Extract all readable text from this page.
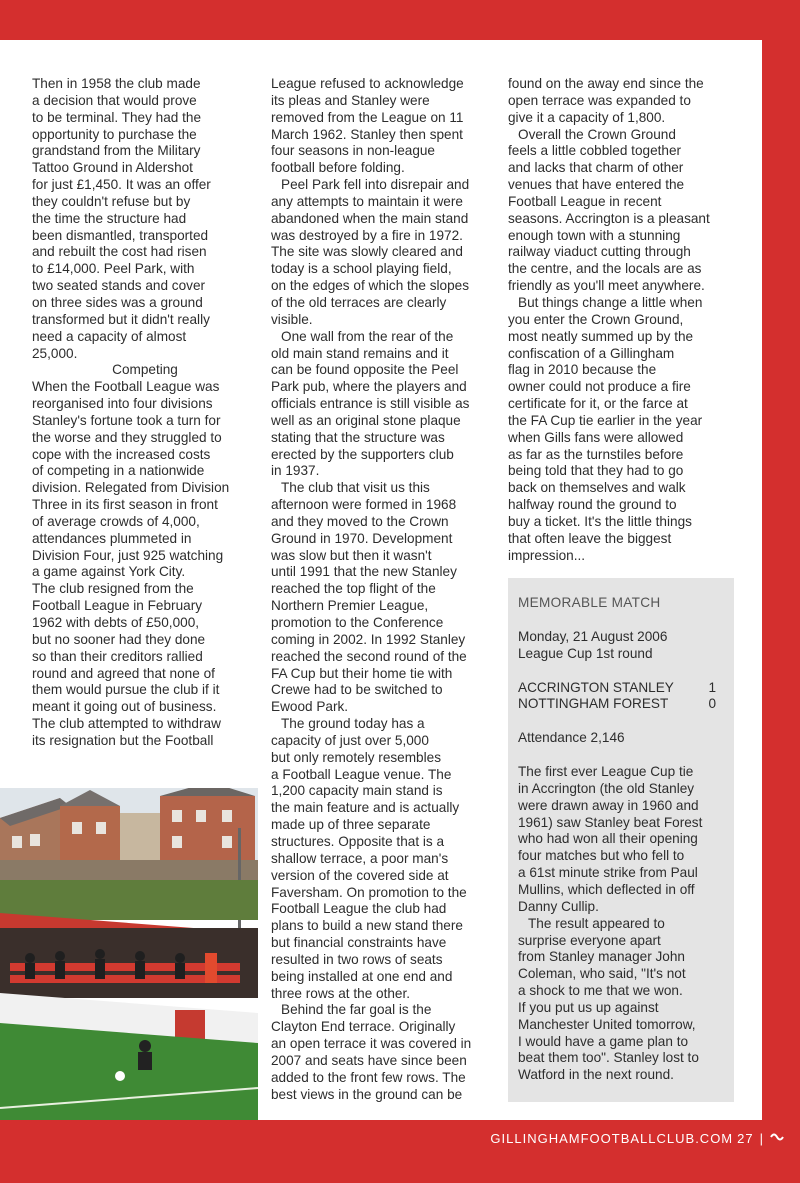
Then in 1958 the club made
a decision that would prove
to be terminal. They had the
opportunity to purchase the
grandstand from the Military
Tattoo Ground in Aldershot
for just £1,450. It was an offer
they couldn't refuse but by
the time the structure had
been dismantled, transported
and rebuilt the cost had risen
to £14,000. Peel Park, with
two seated stands and cover
on three sides was a ground
transformed but it didn't really
need a capacity of almost
25,000.

Competing

When the Football League was
reorganised into four divisions
Stanley's fortune took a turn for
the worse and they struggled to
cope with the increased costs
of competing in a nationwide
division. Relegated from Division
Three in its first season in front
of average crowds of 4,000,
attendances plummeted in
Division Four, just 925 watching
a game against York City.

The club resigned from the
Football League in February
1962 with debts of £50,000,
but no sooner had they done
so than their creditors rallied
round and agreed that none of
them would pursue the club if it
meant it going out of business.
The club attempted to withdraw
its resignation but the Football

League refused to acknowledge
its pleas and Stanley were
removed from the League on 11
March 1962. Stanley then spent
four seasons in non-league
football before folding.

Peel Park fell into disrepair and
any attempts to maintain it were
abandoned when the main stand
was destroyed by a fire in 1972.
The site was slowly cleared and
today is a school playing field,
on the edges of which the slopes
of the old terraces are clearly
visible.

One wall from the rear of the
old main stand remains and it
can be found opposite the Peel
Park pub, where the players and
officials entrance is still visible as
well as an original stone plaque
stating that the structure was
erected by the supporters club
in 1937.

The club that visit us this
afternoon were formed in 1968
and they moved to the Crown
Ground in 1970. Development
was slow but then it wasn't
until 1991 that the new Stanley
reached the top flight of the
Northern Premier League,
promotion to the Conference
coming in 2002. In 1992 Stanley
reached the second round of the
FA Cup but their home tie with
Crewe had to be switched to
Ewood Park.

The ground today has a
capacity of just over 5,000
but only remotely resembles
a Football League venue. The
1,200 capacity main stand is
the main feature and is actually
made up of three separate
structures. Opposite that is a
shallow terrace, a poor man's
version of the covered side at
Faversham. On promotion to the
Football League the club had
plans to build a new stand there
but financial constraints have
resulted in two rows of seats
being installed at one end and
three rows at the other.

Behind the far goal is the
Clayton End terrace. Originally
an open terrace it was covered in
2007 and seats have since been
added to the front few rows. The
best views in the ground can be

found on the away end since the
open terrace was expanded to
give it a capacity of 1,800.

Overall the Crown Ground
feels a little cobbled together
and lacks that charm of other
venues that have entered the
Football League in recent
seasons. Accrington is a pleasant
enough town with a stunning
railway viaduct cutting through
the centre, and the locals are as
friendly as you'll meet anywhere.

But things change a little when
you enter the Crown Ground,
most neatly summed up by the
confiscation of a Gillingham
flag in 2010 because the
owner could not produce a fire
certificate for it, or the farce at
the FA Cup tie earlier in the year
when Gills fans were allowed
as far as the turnstiles before
being told that they had to go
back on themselves and walk
halfway round the ground to
buy a ticket. It's the little things
that often leave the biggest
impression...

MEMORABLE MATCH
Monday, 21 August 2006
League Cup 1st round
ACCRINGTON STANLEY	1
NOTTINGHAM FOREST	0
Attendance 2,146

The first ever League Cup tie
in Accrington (the old Stanley
were drawn away in 1960 and
1961) saw Stanley beat Forest
who had won all their opening
four matches but who fell to
a 61st minute strike from Paul
Mullins, which deflected in off
Danny Cullip.

The result appeared to
surprise everyone apart
from Stanley manager John
Coleman, who said, "It's not
a shock to me that we won.
If you put us up against
Manchester United tomorrow,
I would have a game plan to
beat them too". Stanley lost to
Watford in the next round.

GILLINGHAMFOOTBALLCLUB.COM 27 |
